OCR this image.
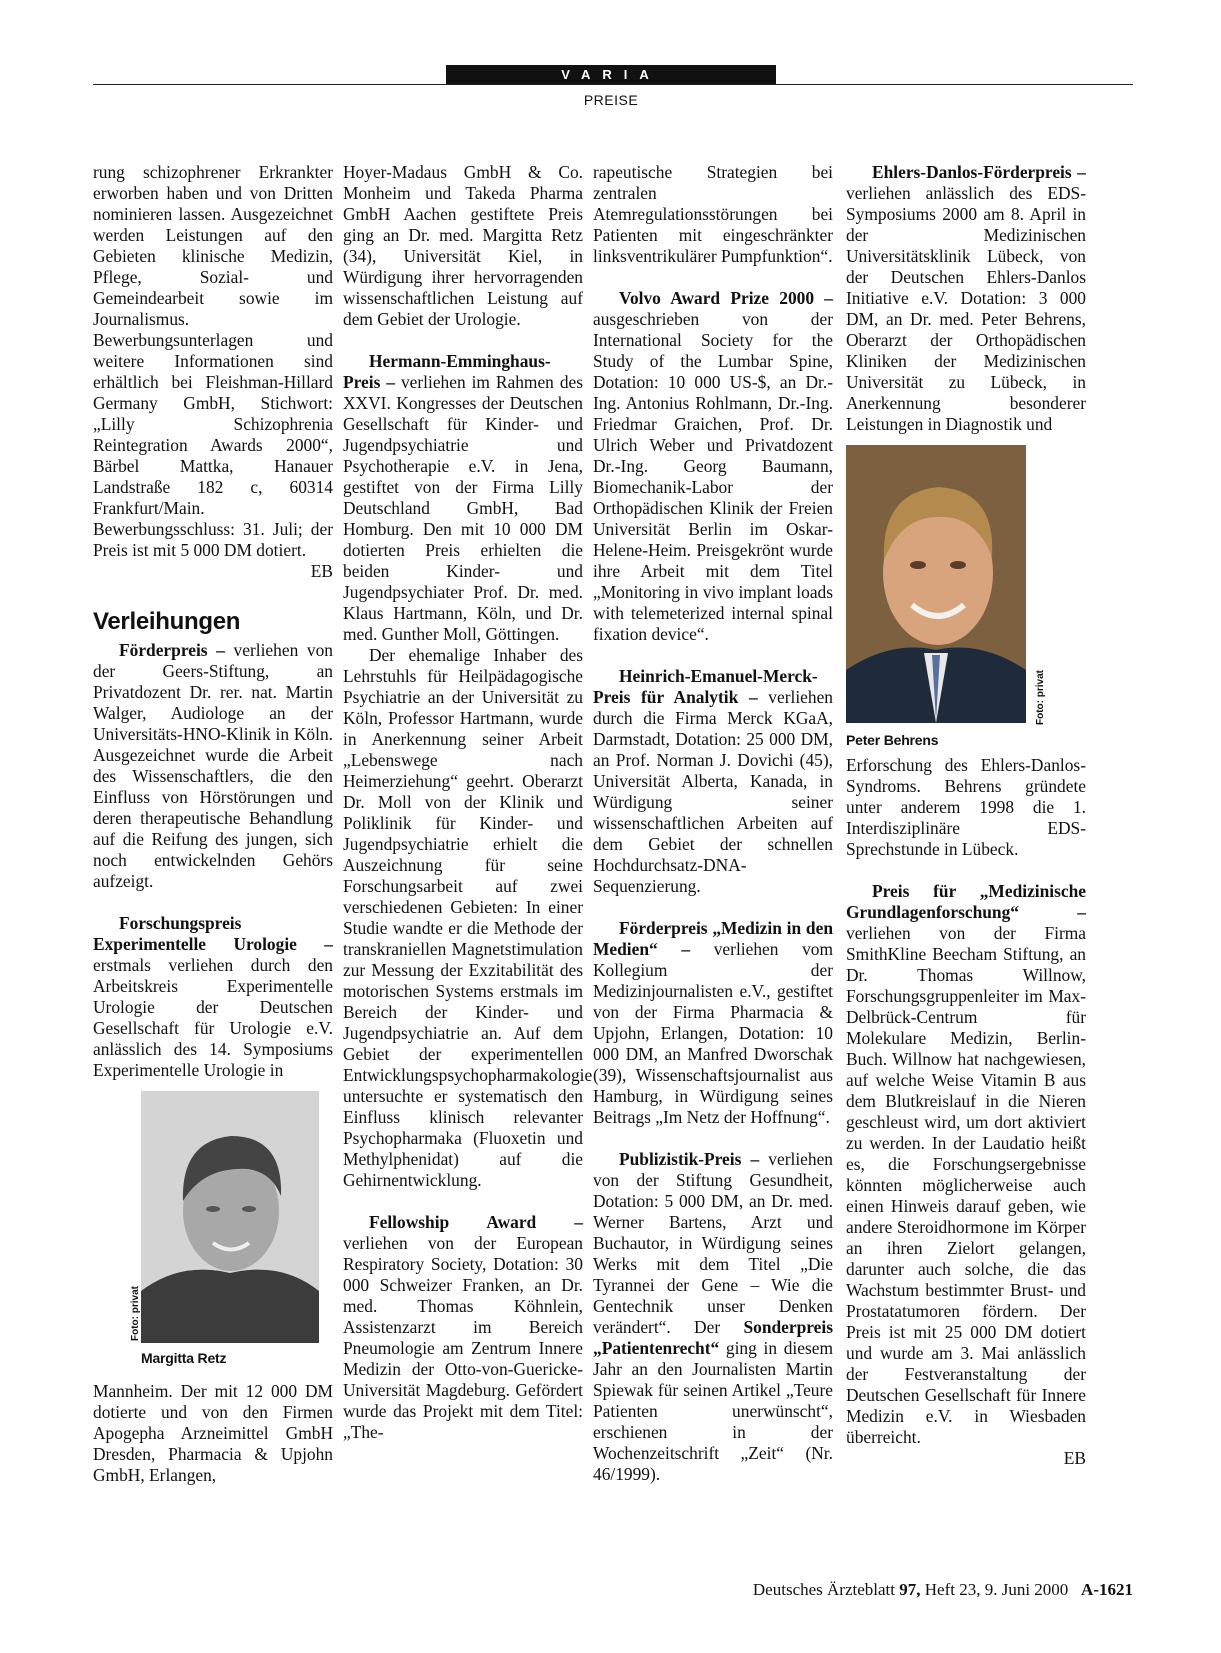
VARIA
PREISE

rung schizophrener Erkrankter erworben haben und von Dritten nominieren lassen. Ausgezeichnet werden Leistungen auf den Gebieten klinische Medizin, Pflege, Sozial- und Gemeindearbeit sowie im Journalismus. Bewerbungsunterlagen und weitere Informationen sind erhältlich bei Fleishman-Hillard Germany GmbH, Stichwort: „Lilly Schizophrenia Reintegration Awards 2000“, Bärbel Mattka, Hanauer Landstraße 182 c, 60314 Frankfurt/Main. Bewerbungsschluss: 31. Juli; der Preis ist mit 5 000 DM dotiert.

EB
Verleihungen

Förderpreis – verliehen von der Geers-Stiftung, an Privatdozent Dr. rer. nat. Martin Walger, Audiologe an der Universitäts-HNO-Klinik in Köln. Ausgezeichnet wurde die Arbeit des Wissenschaftlers, die den Einfluss von Hörstörungen und deren therapeutische Behandlung auf die Reifung des jungen, sich noch entwickelnden Gehörs aufzeigt.

Forschungspreis Experimentelle Urologie – erstmals verliehen durch den Arbeitskreis Experimentelle Urologie der Deutschen Gesellschaft für Urologie e.V. anlässlich des 14. Symposiums Experimentelle Urologie in

Foto: privat
Margitta Retz

Mannheim. Der mit 12 000 DM dotierte und von den Firmen Apogepha Arzneimittel GmbH Dresden, Pharmacia & Upjohn GmbH, Erlangen,

Hoyer-Madaus GmbH & Co. Monheim und Takeda Pharma GmbH Aachen gestiftete Preis ging an Dr. med. Margitta Retz (34), Universität Kiel, in Würdigung ihrer hervorragenden wissenschaftlichen Leistung auf dem Gebiet der Urologie.

Hermann-Emminghaus-Preis – verliehen im Rahmen des XXVI. Kongresses der Deutschen Gesellschaft für Kinder- und Jugendpsychiatrie und Psychotherapie e.V. in Jena, gestiftet von der Firma Lilly Deutschland GmbH, Bad Homburg. Den mit 10 000 DM dotierten Preis erhielten die beiden Kinder- und Jugendpsychiater Prof. Dr. med. Klaus Hartmann, Köln, und Dr. med. Gunther Moll, Göttingen.

Der ehemalige Inhaber des Lehrstuhls für Heilpädagogische Psychiatrie an der Universität zu Köln, Professor Hartmann, wurde in Anerkennung seiner Arbeit „Lebenswege nach Heimerziehung“ geehrt. Oberarzt Dr. Moll von der Klinik und Poliklinik für Kinder- und Jugendpsychiatrie erhielt die Auszeichnung für seine Forschungsarbeit auf zwei verschiedenen Gebieten: In einer Studie wandte er die Methode der transkraniellen Magnetstimulation zur Messung der Exzitabilität des motorischen Systems erstmals im Bereich der Kinder- und Jugendpsychiatrie an. Auf dem Gebiet der experimentellen Entwicklungspsychopharmakologie untersuchte er systematisch den Einfluss klinisch relevanter Psychopharmaka (Fluoxetin und Methylphenidat) auf die Gehirnentwicklung.

Fellowship Award – verliehen von der European Respiratory Society, Dotation: 30 000 Schweizer Franken, an Dr. med. Thomas Köhnlein, Assistenzarzt im Bereich Pneumologie am Zentrum Innere Medizin der Otto-von-Guericke-Universität Magdeburg. Gefördert wurde das Projekt mit dem Titel: „The-

rapeutische Strategien bei zentralen Atemregulationsstörungen bei Patienten mit eingeschränkter linksventrikulärer Pumpfunktion“.

Volvo Award Prize 2000 – ausgeschrieben von der International Society for the Study of the Lumbar Spine, Dotation: 10 000 US-$, an Dr.-Ing. Antonius Rohlmann, Dr.-Ing. Friedmar Graichen, Prof. Dr. Ulrich Weber und Privatdozent Dr.-Ing. Georg Baumann, Biomechanik-Labor der Orthopädischen Klinik der Freien Universität Berlin im Oskar-Helene-Heim. Preisgekrönt wurde ihre Arbeit mit dem Titel „Monitoring in vivo implant loads with telemeterized internal spinal fixation device“.

Heinrich-Emanuel-Merck-Preis für Analytik – verliehen durch die Firma Merck KGaA, Darmstadt, Dotation: 25 000 DM, an Prof. Norman J. Dovichi (45), Universität Alberta, Kanada, in Würdigung seiner wissenschaftlichen Arbeiten auf dem Gebiet der schnellen Hochdurchsatz-DNA-Sequenzierung.

Förderpreis „Medizin in den Medien“ – verliehen vom Kollegium der Medizinjournalisten e.V., gestiftet von der Firma Pharmacia & Upjohn, Erlangen, Dotation: 10 000 DM, an Manfred Dworschak (39), Wissenschaftsjournalist aus Hamburg, in Würdigung seines Beitrags „Im Netz der Hoffnung“.

Publizistik-Preis – verliehen von der Stiftung Gesundheit, Dotation: 5 000 DM, an Dr. med. Werner Bartens, Arzt und Buchautor, in Würdigung seines Werks mit dem Titel „Die Tyrannei der Gene – Wie die Gentechnik unser Denken verändert“. Der Sonderpreis „Patientenrecht“ ging in diesem Jahr an den Journalisten Martin Spiewak für seinen Artikel „Teure Patienten unerwünscht“, erschienen in der Wochenzeitschrift „Zeit“ (Nr. 46/1999).

Ehlers-Danlos-Förderpreis – verliehen anlässlich des EDS-Symposiums 2000 am 8. April in der Medizinischen Universitätsklinik Lübeck, von der Deutschen Ehlers-Danlos Initiative e.V. Dotation: 3 000 DM, an Dr. med. Peter Behrens, Oberarzt der Orthopädischen Kliniken der Medizinischen Universität zu Lübeck, in Anerkennung besonderer Leistungen in Diagnostik und

Foto: privat
Peter Behrens

Erforschung des Ehlers-Danlos-Syndroms. Behrens gründete unter anderem 1998 die 1. Interdisziplinäre EDS-Sprechstunde in Lübeck.

Preis für „Medizinische Grundlagenforschung“ – verliehen von der Firma SmithKline Beecham Stiftung, an Dr. Thomas Willnow, Forschungsgruppenleiter im Max-Delbrück-Centrum für Molekulare Medizin, Berlin-Buch. Willnow hat nachgewiesen, auf welche Weise Vitamin B aus dem Blutkreislauf in die Nieren geschleust wird, um dort aktiviert zu werden. In der Laudatio heißt es, die Forschungsergebnisse könnten möglicherweise auch einen Hinweis darauf geben, wie andere Steroidhormone im Körper an ihren Zielort gelangen, darunter auch solche, die das Wachstum bestimmter Brust- und Prostatatumoren fördern. Der Preis ist mit 25 000 DM dotiert und wurde am 3. Mai anlässlich der Festveranstaltung der Deutschen Gesellschaft für Innere Medizin e.V. in Wiesbaden überreicht.

EB
Deutsches Ärzteblatt 97, Heft 23, 9. Juni 2000 A-1621
